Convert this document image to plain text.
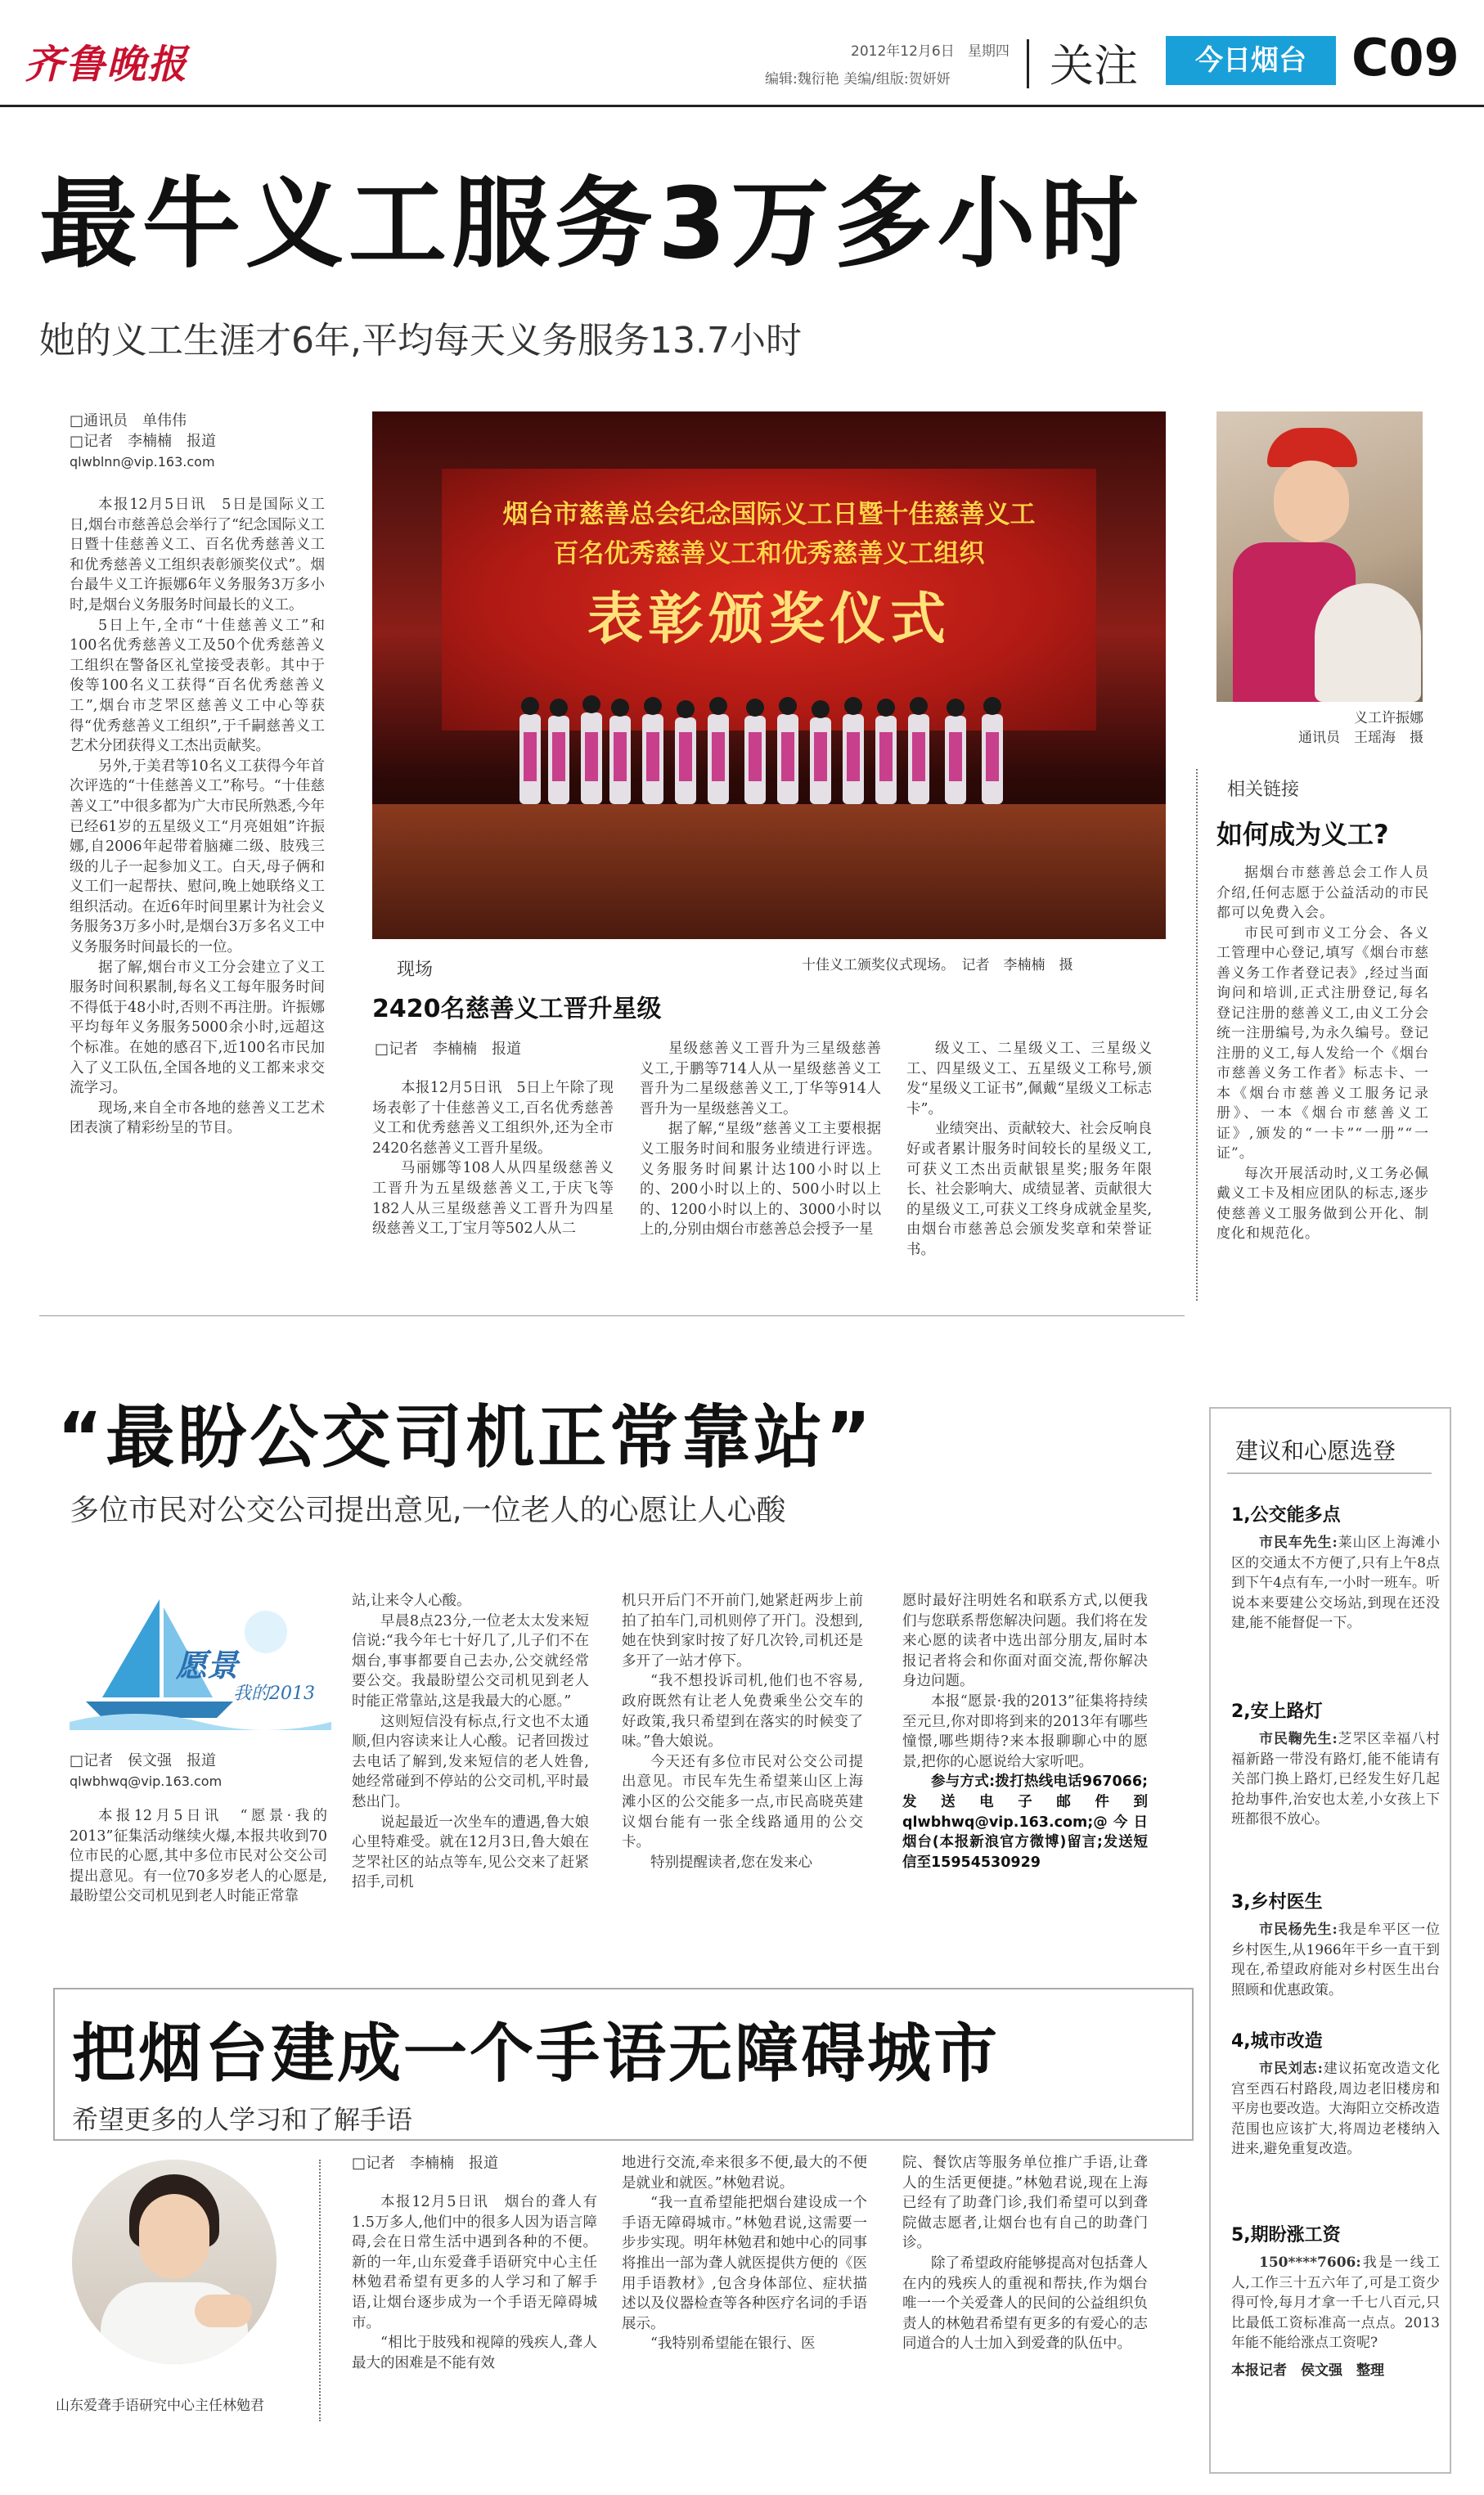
齐鲁晚报	2012年12月6日 星期四
编辑:魏衍艳 美编/组版:贺妍妍 关注	今日烟台 C09
最牛义工服务3万多小时
她的义工生涯才6年,平均每天义务服务13.7小时
□通讯员　单伟伟
□记者　李楠楠　报道
qlwblnn@vip.163.com

本报12月5日讯　5日是国际义工日,烟台市慈善总会举行了“纪念国际义工日暨十佳慈善义工、百名优秀慈善义工和优秀慈善义工组织表彰颁奖仪式”。烟台最牛义工许振娜6年义务服务3万多小时,是烟台义务服务时间最长的义工。

5日上午,全市“十佳慈善义工”和100名优秀慈善义工及50个优秀慈善义工组织在警备区礼堂接受表彰。其中于俊等100名义工获得“百名优秀慈善义工”,烟台市芝罘区慈善义工中心等获得“优秀慈善义工组织”,于千嗣慈善义工艺术分团获得义工杰出贡献奖。

另外,于美君等10名义工获得今年首次评选的“十佳慈善义工”称号。“十佳慈善义工”中很多都为广大市民所熟悉,今年已经61岁的五星级义工“月亮姐姐”许振娜,自2006年起带着脑瘫二级、肢残三级的儿子一起参加义工。白天,母子俩和义工们一起帮扶、慰问,晚上她联络义工组织活动。在近6年时间里累计为社会义务服务3万多小时,是烟台3万多名义工中义务服务时间最长的一位。

据了解,烟台市义工分会建立了义工服务时间积累制,每名义工每年服务时间不得低于48小时,否则不再注册。许振娜平均每年义务服务5000余小时,远超这个标准。在她的感召下,近100名市民加入了义工队伍,全国各地的义工都来求交流学习。

现场,来自全市各地的慈善义工艺术团表演了精彩纷呈的节目。

烟台市慈善总会纪念国际义工日暨十佳慈善义工
百名优秀慈善义工和优秀慈善义工组织
表彰颁奖仪式
十佳义工颁奖仪式现场。　记者　李楠楠　摄
义工许振娜
通讯员　王瑶海　摄
现场
2420名慈善义工晋升星级
□记者　李楠楠　报道

本报12月5日讯　5日上午除了现场表彰了十佳慈善义工,百名优秀慈善义工和优秀慈善义工组织外,还为全市2420名慈善义工晋升星级。

马丽娜等108人从四星级慈善义工晋升为五星级慈善义工,于庆飞等182人从三星级慈善义工晋升为四星级慈善义工,丁宝月等502人从二

星级慈善义工晋升为三星级慈善义工,于鹏等714人从一星级慈善义工晋升为二星级慈善义工,丁华等914人晋升为一星级慈善义工。

据了解,“星级”慈善义工主要根据义工服务时间和服务业绩进行评选。义务服务时间累计达100小时以上的、200小时以上的、500小时以上的、1200小时以上的、3000小时以上的,分别由烟台市慈善总会授予一星

级义工、二星级义工、三星级义工、四星级义工、五星级义工称号,颁发“星级义工证书”,佩戴“星级义工标志卡”。

业绩突出、贡献较大、社会反响良好或者累计服务时间较长的星级义工,可获义工杰出贡献银星奖;服务年限长、社会影响大、成绩显著、贡献很大的星级义工,可获义工终身成就金星奖,由烟台市慈善总会颁发奖章和荣誉证书。

相关链接
如何成为义工?

据烟台市慈善总会工作人员介绍,任何志愿于公益活动的市民都可以免费入会。

市民可到市义工分会、各义工管理中心登记,填写《烟台市慈善义务工作者登记表》,经过当面询问和培训,正式注册登记,每名登记注册的慈善义工,由义工分会统一注册编号,为永久编号。登记注册的义工,每人发给一个《烟台市慈善义务工作者》标志卡、一本《烟台市慈善义工服务记录册》、一本《烟台市慈善义工证》,颁发的“一卡”“一册”“一证”。

每次开展活动时,义工务必佩戴义工卡及相应团队的标志,逐步使慈善义工服务做到公开化、制度化和规范化。

“最盼公交司机正常靠站”
多位市民对公交公司提出意见,一位老人的心愿让人心酸
愿景
我的2013
□记者　侯文强　报道
qlwbhwq@vip.163.com

本报12月5日讯　“愿景·我的2013”征集活动继续火爆,本报共收到70位市民的心愿,其中多位市民对公交公司提出意见。有一位70多岁老人的心愿是,最盼望公交司机见到老人时能正常靠

站,让来令人心酸。

早晨8点23分,一位老太太发来短信说:“我今年七十好几了,儿子们不在烟台,事事都要自己去办,公交就经常要公交。我最盼望公交司机见到老人时能正常靠站,这是我最大的心愿。”

这则短信没有标点,行文也不太通顺,但内容读来让人心酸。记者回拨过去电话了解到,发来短信的老人姓鲁,她经常碰到不停站的公交司机,平时最愁出门。

说起最近一次坐车的遭遇,鲁大娘心里特难受。就在12月3日,鲁大娘在芝罘社区的站点等车,见公交来了赶紧招手,司机

机只开后门不开前门,她紧赶两步上前拍了拍车门,司机则停了开门。没想到,她在快到家时按了好几次铃,司机还是多开了一站才停下。

“我不想投诉司机,他们也不容易,政府既然有让老人免费乘坐公交车的好政策,我只希望到在落实的时候变了味。”鲁大娘说。

今天还有多位市民对公交公司提出意见。市民车先生希望莱山区上海滩小区的公交能多一点,市民高晓英建议烟台能有一张全线路通用的公交卡。

特别提醒读者,您在发来心

愿时最好注明姓名和联系方式,以便我们与您联系帮您解决问题。我们将在发来心愿的读者中选出部分朋友,届时本报记者将会和你面对面交流,帮你解决身边问题。

本报“愿景·我的2013”征集将持续至元旦,你对即将到来的2013年有哪些憧憬,哪些期待?来本报聊聊心中的愿景,把你的心愿说给大家听吧。

参与方式:拨打热线电话967066;发送电子邮件到qlwbhwq@vip.163.com;@今日烟台(本报新浪官方微博)留言;发送短信至15954530929

建议和心愿选登
1,公交能多点

市民车先生:莱山区上海滩小区的交通太不方便了,只有上午8点到下午4点有车,一小时一班车。听说本来要建公交场站,到现在还没建,能不能督促一下。

2,安上路灯

市民鞠先生:芝罘区幸福八村福新路一带没有路灯,能不能请有关部门换上路灯,已经发生好几起抢劫事件,治安也太差,小女孩上下班都很不放心。

3,乡村医生

市民杨先生:我是牟平区一位乡村医生,从1966年干乡一直干到现在,希望政府能对乡村医生出台照顾和优惠政策。

4,城市改造

市民刘志:建议拓宽改造文化宫至西石村路段,周边老旧楼房和平房也要改造。大海阳立交桥改造范围也应该扩大,将周边老楼纳入进来,避免重复改造。

5,期盼涨工资

150****7606:我是一线工人,工作三十五六年了,可是工资少得可怜,每月才拿一千七八百元,只比最低工资标准高一点点。2013年能不能给涨点工资呢?

本报记者　侯文强　整理
把烟台建成一个手语无障碍城市
希望更多的人学习和了解手语
山东爱聋手语研究中心主任林勉君
□记者　李楠楠　报道

本报12月5日讯　烟台的聋人有1.5万多人,他们中的很多人因为语言障碍,会在日常生活中遇到各种的不便。新的一年,山东爱聋手语研究中心主任林勉君希望有更多的人学习和了解手语,让烟台逐步成为一个手语无障碍城市。

“相比于肢残和视障的残疾人,聋人最大的困难是不能有效

地进行交流,牵来很多不便,最大的不便是就业和就医。”林勉君说。

“我一直希望能把烟台建设成一个手语无障碍城市。”林勉君说,这需要一步步实现。明年林勉君和她中心的同事将推出一部为聋人就医提供方便的《医用手语教材》,包含身体部位、症状描述以及仪器检查等各种医疗名词的手语展示。

“我特别希望能在银行、医

院、餐饮店等服务单位推广手语,让聋人的生活更便捷。”林勉君说,现在上海已经有了助聋门诊,我们希望可以到聋院做志愿者,让烟台也有自己的助聋门诊。

除了希望政府能够提高对包括聋人在内的残疾人的重视和帮扶,作为烟台唯一一个关爱聋人的民间的公益组织负责人的林勉君希望有更多的有爱心的志同道合的人士加入到爱聋的队伍中。
